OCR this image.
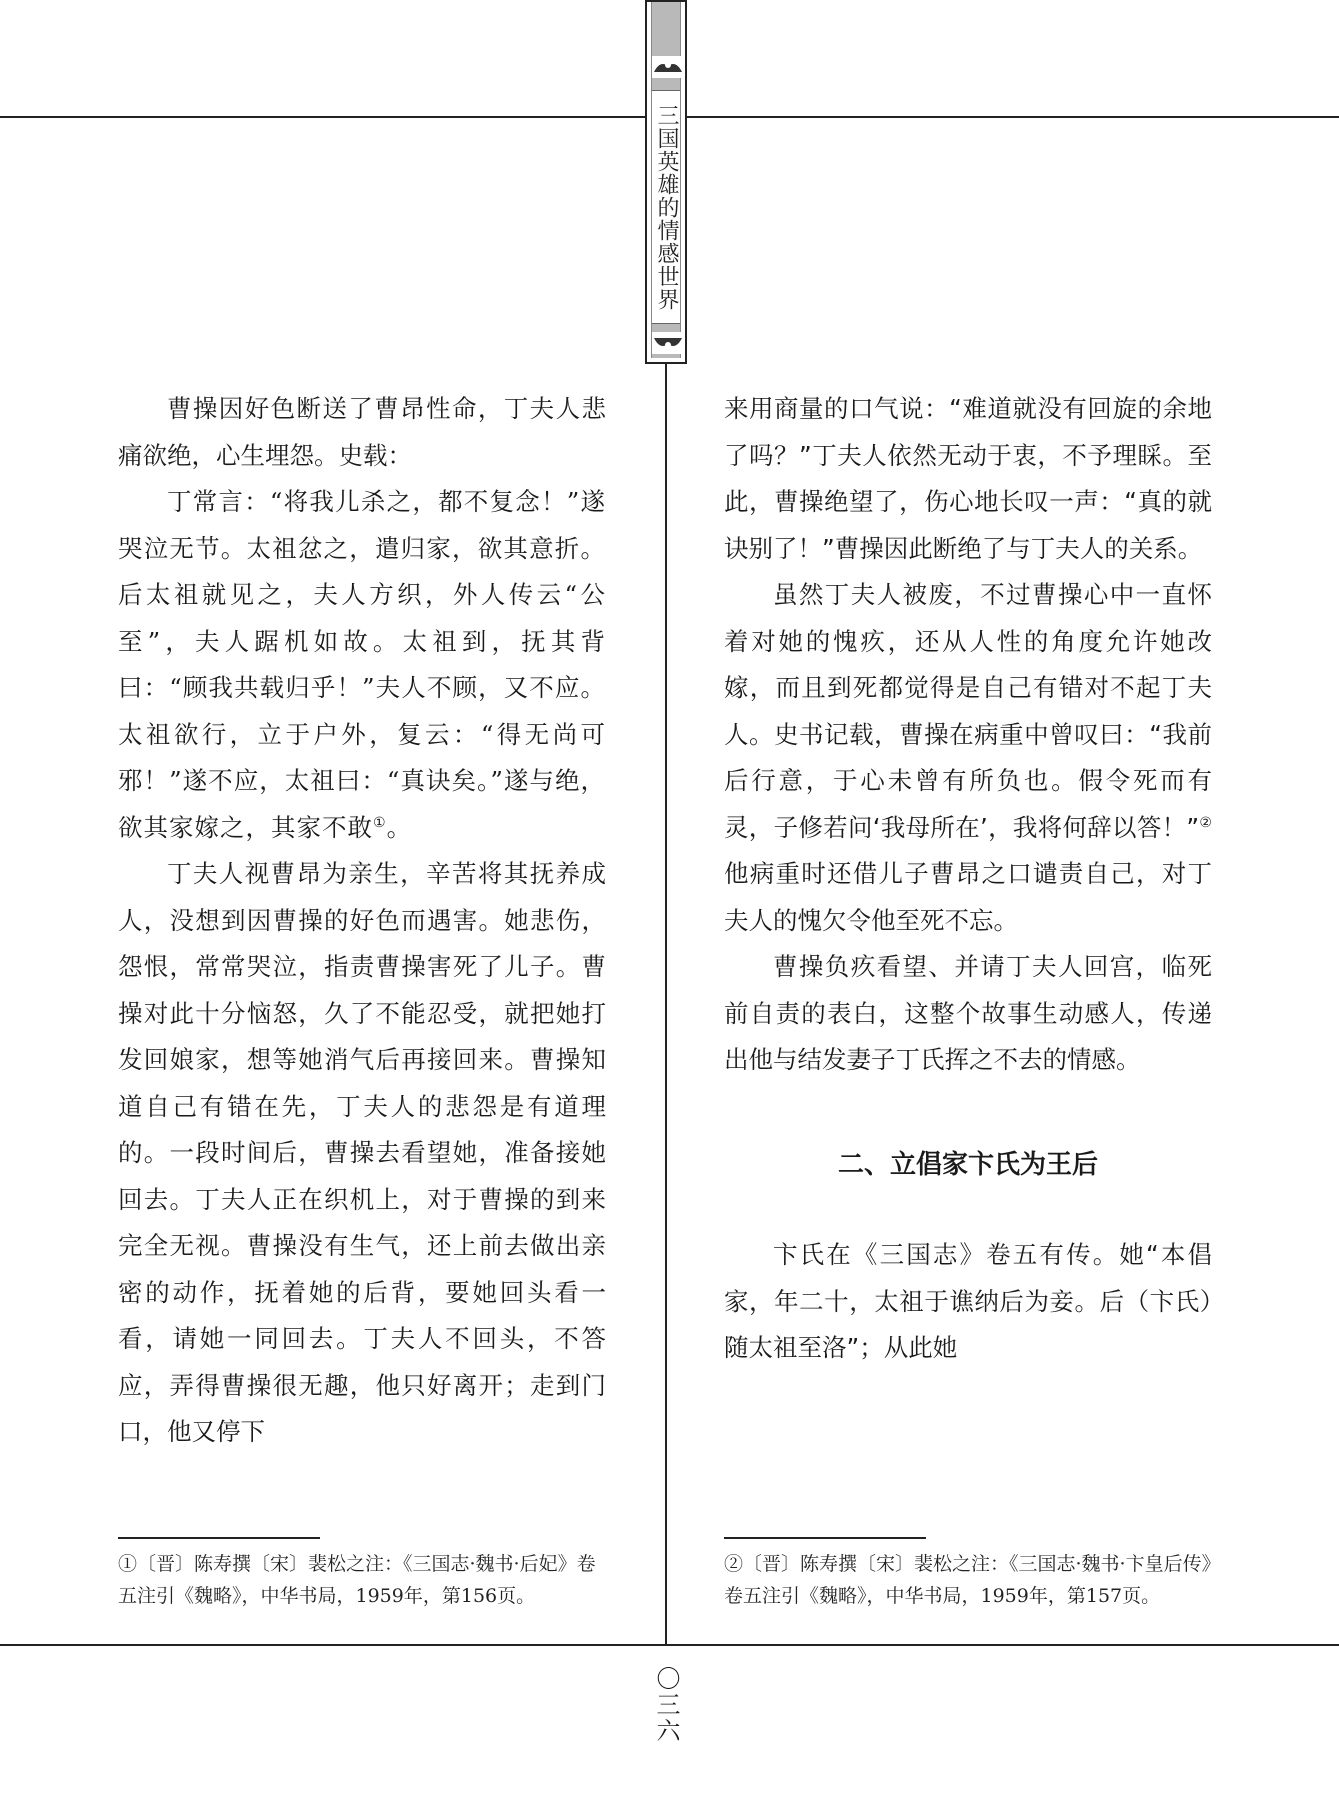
三国英雄的情感世界

曹操因好色断送了曹昂性命，丁夫人悲痛欲绝，心生埋怨。史载：

丁常言：“将我儿杀之，都不复念！”遂哭泣无节。太祖忿之，遣归家，欲其意折。后太祖就见之，夫人方织，外人传云“公至”，夫人踞机如故。太祖到，抚其背曰：“顾我共载归乎！”夫人不顾，又不应。太祖欲行，立于户外，复云：“得无尚可邪！”遂不应，太祖曰：“真诀矣。”遂与绝，欲其家嫁之，其家不敢①。

丁夫人视曹昂为亲生，辛苦将其抚养成人，没想到因曹操的好色而遇害。她悲伤，怨恨，常常哭泣，指责曹操害死了儿子。曹操对此十分恼怒，久了不能忍受，就把她打发回娘家，想等她消气后再接回来。曹操知道自己有错在先，丁夫人的悲怨是有道理的。一段时间后，曹操去看望她，准备接她回去。丁夫人正在织机上，对于曹操的到来完全无视。曹操没有生气，还上前去做出亲密的动作，抚着她的后背，要她回头看一看，请她一同回去。丁夫人不回头，不答应，弄得曹操很无趣，他只好离开；走到门口，他又停下

来用商量的口气说：“难道就没有回旋的余地了吗？”丁夫人依然无动于衷，不予理睬。至此，曹操绝望了，伤心地长叹一声：“真的就诀别了！”曹操因此断绝了与丁夫人的关系。

虽然丁夫人被废，不过曹操心中一直怀着对她的愧疚，还从人性的角度允许她改嫁，而且到死都觉得是自己有错对不起丁夫人。史书记载，曹操在病重中曾叹曰：“我前后行意，于心未曾有所负也。假令死而有灵，子修若问‘我母所在’，我将何辞以答！”②他病重时还借儿子曹昂之口谴责自己，对丁夫人的愧欠令他至死不忘。

曹操负疚看望、并请丁夫人回宫，临死前自责的表白，这整个故事生动感人，传递出他与结发妻子丁氏挥之不去的情感。

二、立倡家卞氏为王后

卞氏在《三国志》卷五有传。她“本倡家，年二十，太祖于谯纳后为妾。后（卞氏）随太祖至洛”；从此她

①〔晋〕陈寿撰〔宋〕裴松之注：《三国志·魏书·后妃》卷五注引《魏略》，中华书局，1959年，第156页。
②〔晋〕陈寿撰〔宋〕裴松之注：《三国志·魏书·卞皇后传》卷五注引《魏略》，中华书局，1959年，第157页。
〇三六
